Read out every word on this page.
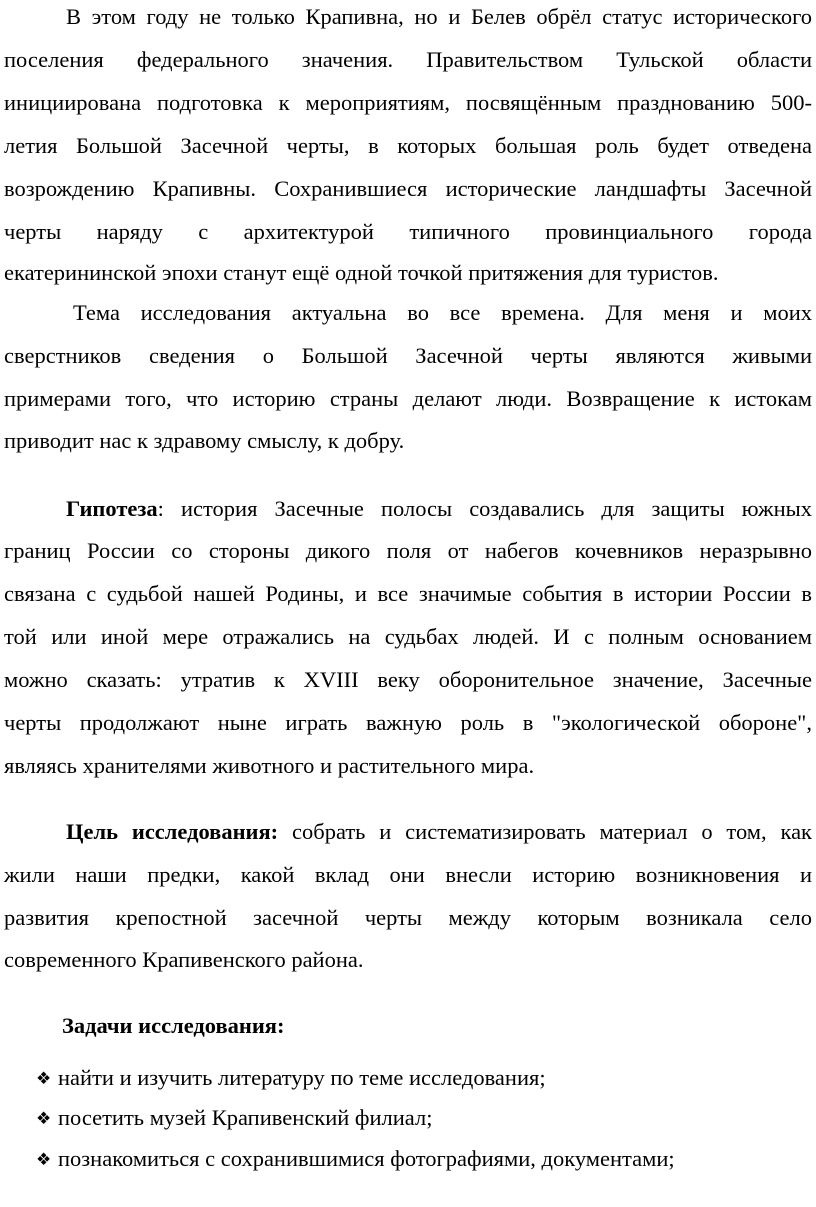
В этом году не только Крапивна, но и Белев обрёл статус исторического
поселения федерального значения. Правительством Тульской области
инициирована подготовка к мероприятиям, посвящённым празднованию 500-
летия Большой Засечной черты, в которых большая роль будет отведена
возрождению Крапивны. Сохранившиеся исторические ландшафты Засечной
черты наряду с архитектурой типичного провинциального города
екатерининской эпохи станут ещё одной точкой притяжения для туристов.
Тема исследования актуальна во все времена. Для меня и моих
сверстников сведения о Большой Засечной черты являются живыми
примерами того, что историю страны делают люди. Возвращение к истокам
приводит нас к здравому смыслу, к добру.
Гипотеза: история Засечные полосы создавались для защиты южных
границ России со стороны дикого поля от набегов кочевников неразрывно
связана с судьбой нашей Родины, и все значимые события в истории России в
той или иной мере отражались на судьбах людей. И с полным основанием
можно сказать: утратив к XVIII веку оборонительное значение, Засечные
черты продолжают ныне играть важную роль в "экологической обороне",
являясь хранителями животного и растительного мира.
Цель исследования: собрать и систематизировать материал о том, как
жили наши предки, какой вклад они внесли историю возникновения и
развития крепостной засечной черты между которым возникала село
современного Крапивенского района.
Задачи исследования:
❖ найти и изучить литературу по теме исследования;
❖ посетить музей Крапивенский филиал;
❖ познакомиться с сохранившимися фотографиями, документами;
